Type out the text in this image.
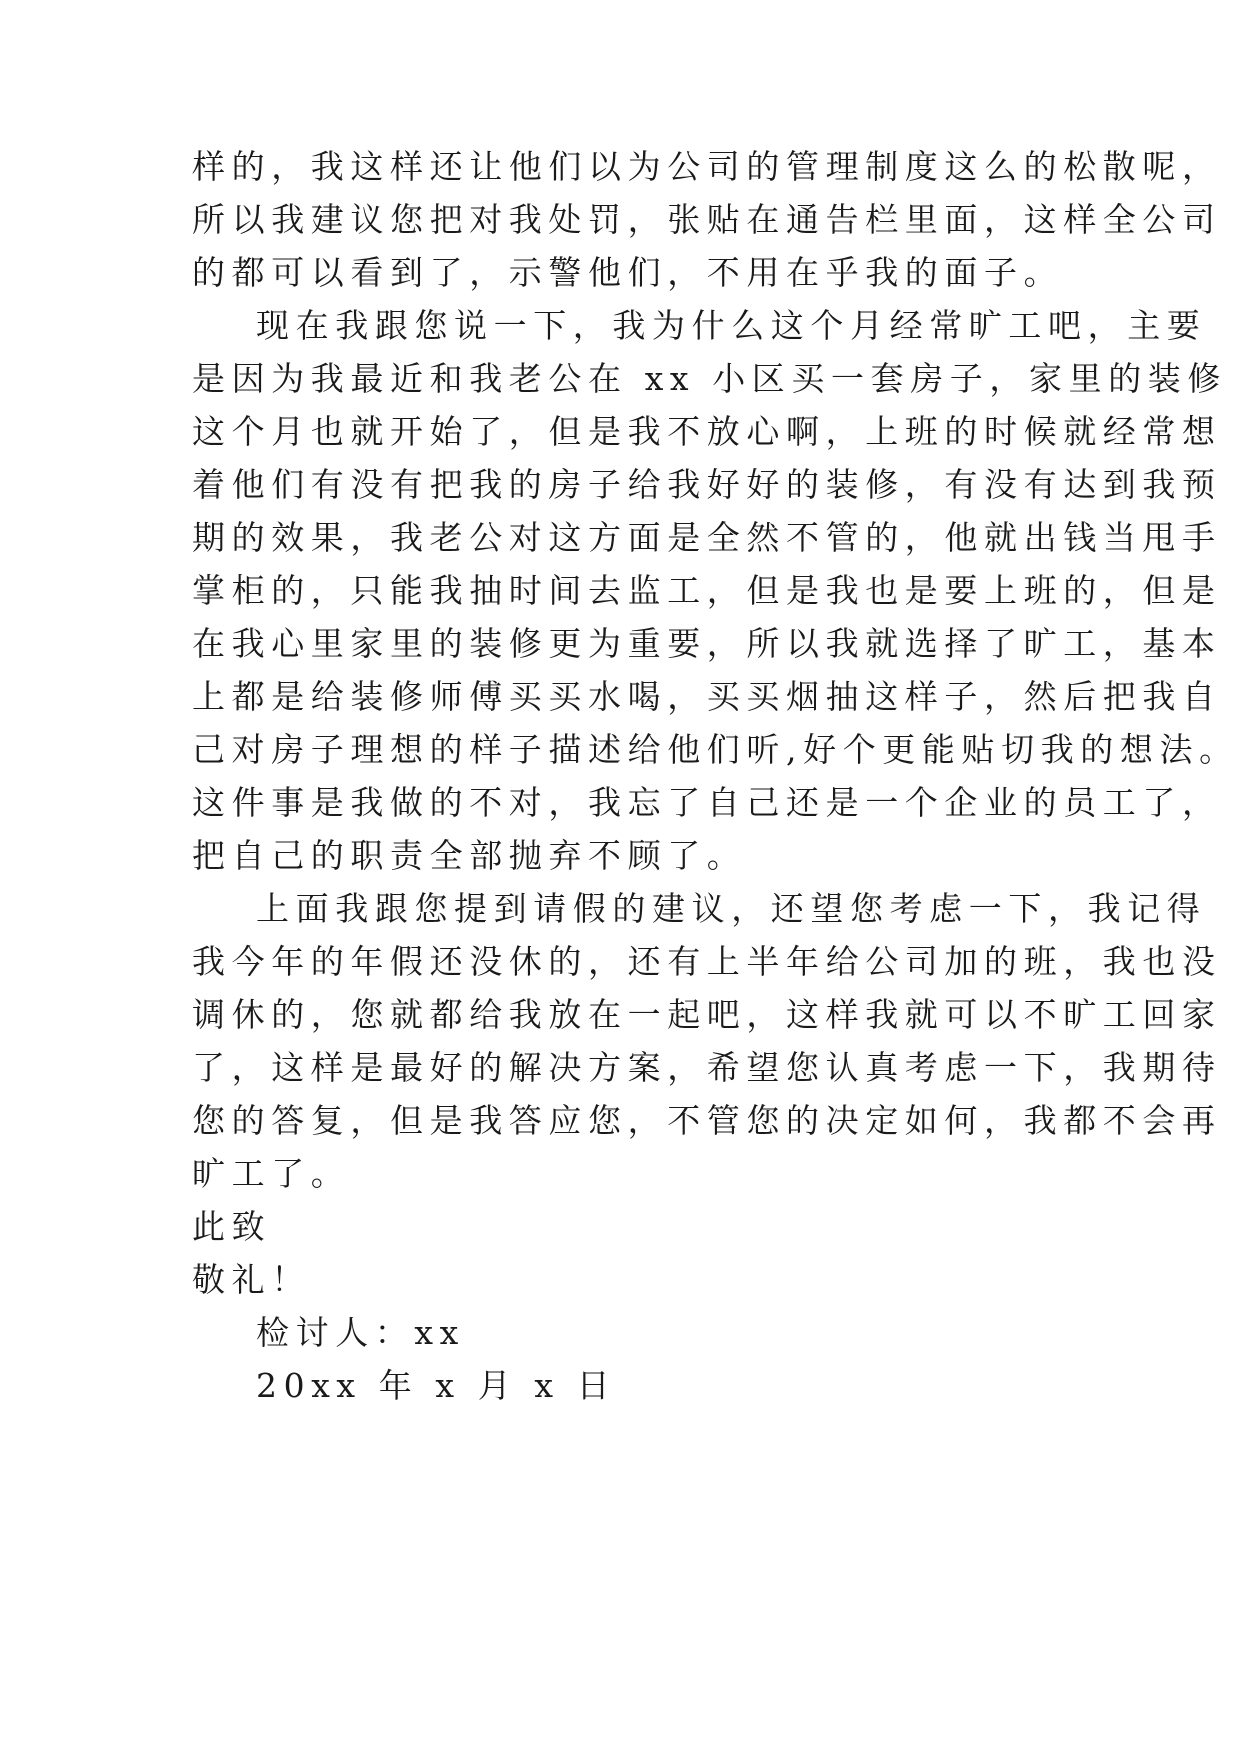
样的，我这样还让他们以为公司的管理制度这么的松散呢，
所以我建议您把对我处罚，张贴在通告栏里面，这样全公司
的都可以看到了，示警他们，不用在乎我的面子。
现在我跟您说一下，我为什么这个月经常旷工吧，主要
是因为我最近和我老公在 xx 小区买一套房子，家里的装修
这个月也就开始了，但是我不放心啊，上班的时候就经常想
着他们有没有把我的房子给我好好的装修，有没有达到我预
期的效果，我老公对这方面是全然不管的，他就出钱当甩手
掌柜的，只能我抽时间去监工，但是我也是要上班的，但是
在我心里家里的装修更为重要，所以我就选择了旷工，基本
上都是给装修师傅买买水喝，买买烟抽这样子，然后把我自
己对房子理想的样子描述给他们听,好个更能贴切我的想法。
这件事是我做的不对，我忘了自己还是一个企业的员工了，
把自己的职责全部抛弃不顾了。
上面我跟您提到请假的建议，还望您考虑一下，我记得
我今年的年假还没休的，还有上半年给公司加的班，我也没
调休的，您就都给我放在一起吧，这样我就可以不旷工回家
了，这样是最好的解决方案，希望您认真考虑一下，我期待
您的答复，但是我答应您，不管您的决定如何，我都不会再
旷工了。
此致
敬礼！
检讨人：xx
20xx 年 x 月 x 日
